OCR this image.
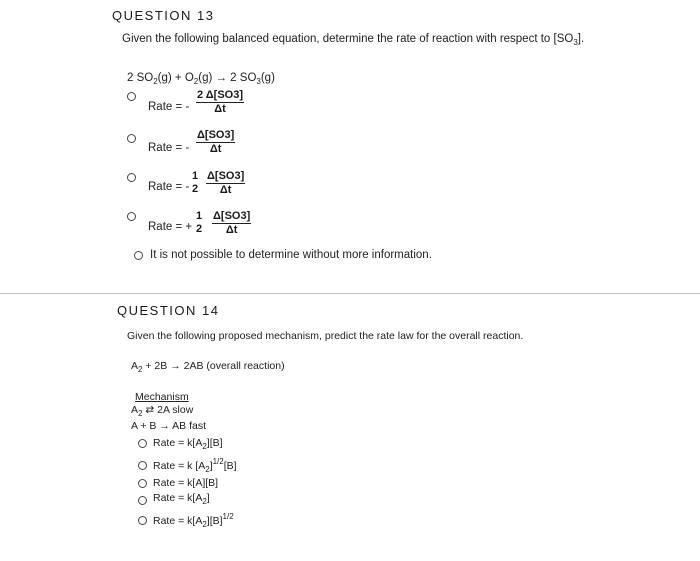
QUESTION 13
Given the following balanced equation, determine the rate of reaction with respect to $[SO_3]$.
2 $SO_2(g) + O_2(g) \to 2$ $SO_3(g)$
Rate = - $\frac{2 \Delta[SO3]}{\Delta t}$
Rate = - $\frac{\Delta[SO3]}{\Delta t}$
Rate = -
1
$2 \frac{\Delta[SO3]}{\Delta t}$
Rate = +
1
$2 \frac{\Delta[SO3]}{\Delta t}$
It is not possible to determine without more information.
QUESTION 14
Given the following proposed mechanism, predict the rate law for the overall reaction.
$A_2 + 2B \to 2AB$ (overall reaction)
Mechanism
$A_2$ ⇄ 2A slow
A + B → AB fast
Rate = $k[A_2][B]$
Rate = k $[A_2]^{1/2}[B]$
Rate = k[A][B]
Rate = $k[A_2]$
Rate = $k[A_2][B]^{1/2}$
